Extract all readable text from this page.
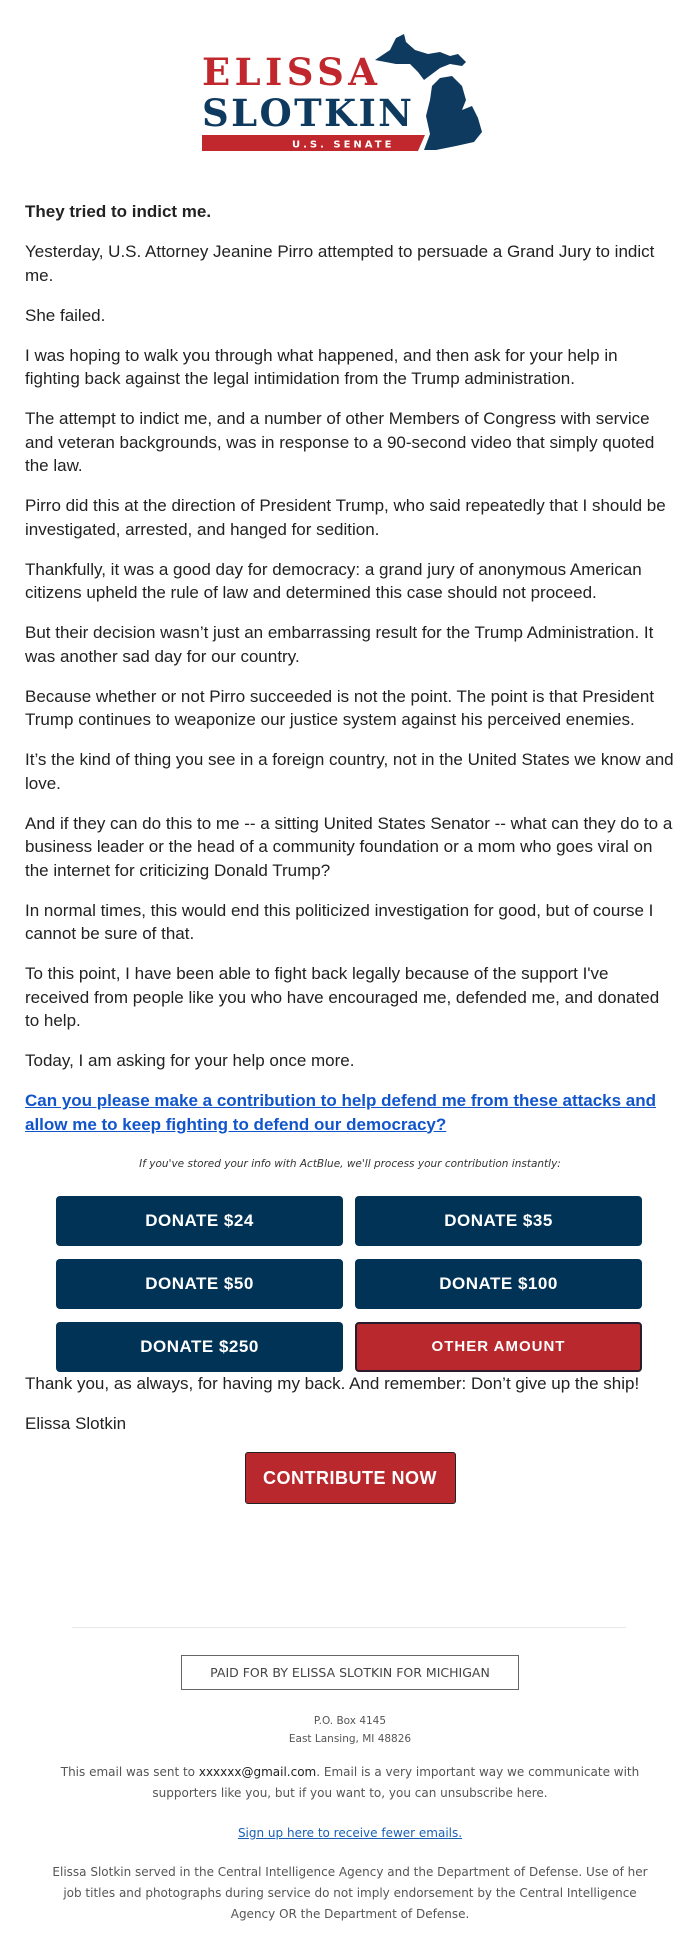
ELISSA
SLOTKIN
U.S. SENATE

They tried to indict me.

Yesterday, U.S. Attorney Jeanine Pirro attempted to persuade a Grand Jury to indict me.

She failed.

I was hoping to walk you through what happened, and then ask for your help in fighting back against the legal intimidation from the Trump administration.

The attempt to indict me, and a number of other Members of Congress with service and veteran backgrounds, was in response to a 90-second video that simply quoted the law.

Pirro did this at the direction of President Trump, who said repeatedly that I should be investigated, arrested, and hanged for sedition.

Thankfully, it was a good day for democracy: a grand jury of anonymous American citizens upheld the rule of law and determined this case should not proceed.

But their decision wasn’t just an embarrassing result for the Trump Administration. It was another sad day for our country.

Because whether or not Pirro succeeded is not the point. The point is that President Trump continues to weaponize our justice system against his perceived enemies.

It’s the kind of thing you see in a foreign country, not in the United States we know and love.

And if they can do this to me -- a sitting United States Senator -- what can they do to a business leader or the head of a community foundation or a mom who goes viral on the internet for criticizing Donald Trump?

In normal times, this would end this politicized investigation for good, but of course I cannot be sure of that.

To this point, I have been able to fight back legally because of the support I've received from people like you who have encouraged me, defended me, and donated to help.

Today, I am asking for your help once more.

Can you please make a contribution to help defend me from these attacks and allow me to keep fighting to defend our democracy?

If you've stored your info with ActBlue, we'll process your contribution instantly:
DONATE $24	DONATE $35
DONATE $50	DONATE $100
DONATE $250	OTHER AMOUNT

Thank you, as always, for having my back. And remember: Don’t give up the ship!

Elissa Slotkin

CONTRIBUTE NOW
PAID FOR BY ELISSA SLOTKIN FOR MICHIGAN
P.O. Box 4145
East Lansing, MI 48826
This email was sent to xxxxxx@gmail.com. Email is a very important way we communicate with supporters like you, but if you want to, you can unsubscribe here.
Sign up here to receive fewer emails.
Elissa Slotkin served in the Central Intelligence Agency and the Department of Defense. Use of her job titles and photographs during service do not imply endorsement by the Central Intelligence Agency OR the Department of Defense.
